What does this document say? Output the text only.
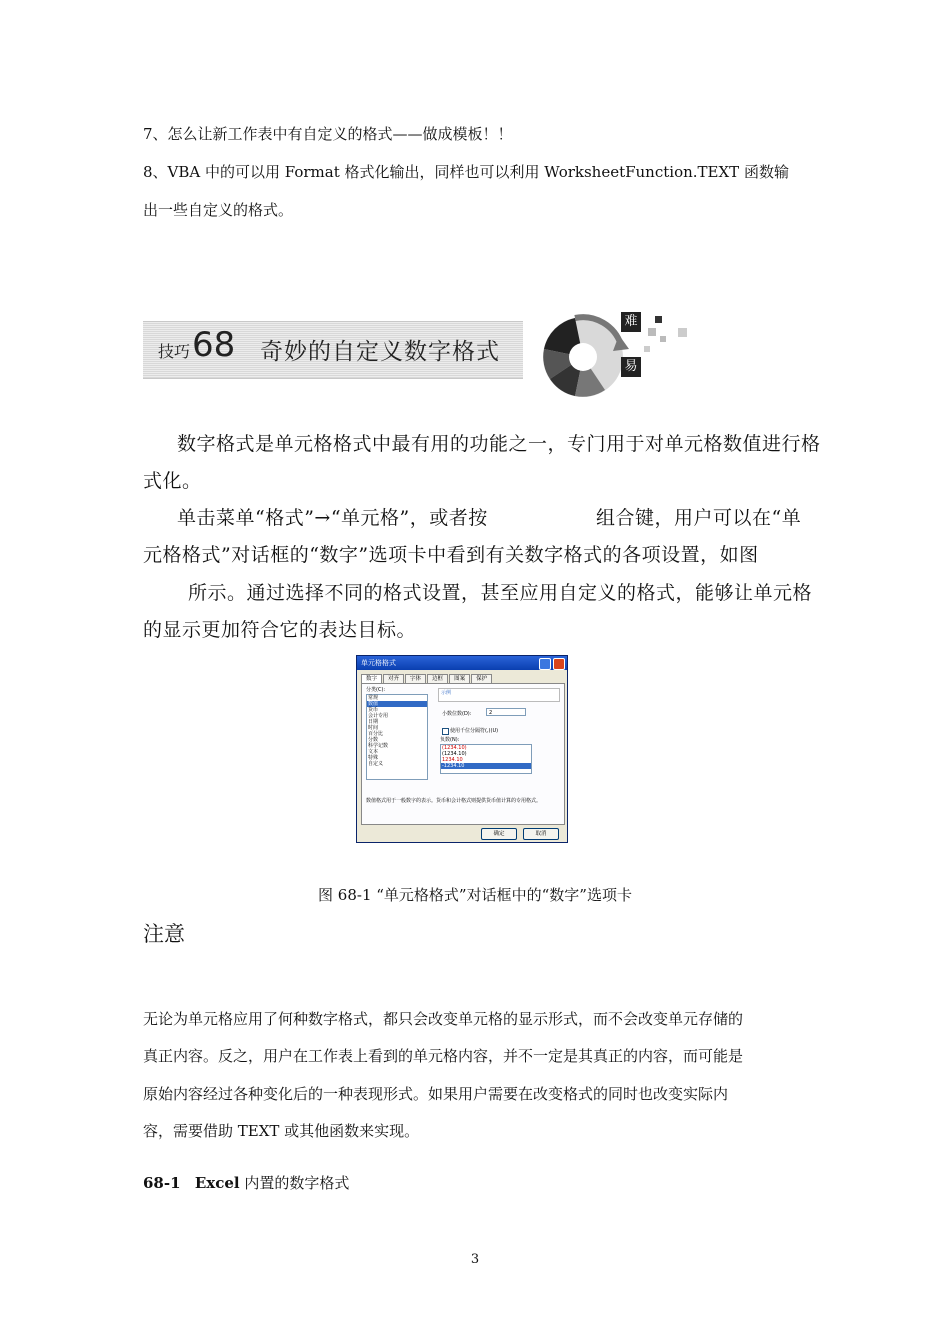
7、怎么让新工作表中有自定义的格式——做成模板！！
8、VBA 中的可以用 Format 格式化输出，同样也可以利用 WorksheetFunction.TEXT 函数输
出一些自定义的格式。
技巧 68 奇妙的自定义数字格式
难
易
数字格式是单元格格式中最有用的功能之一，专门用于对单元格数值进行格
式化。
单击菜单“格式”→“单元格”，或者按	组合键，用户可以在“单
元格格式”对话框的“数字”选项卡中看到有关数字格式的各项设置，如图
所示。通过选择不同的格式设置，甚至应用自定义的格式，能够让单元格
的显示更加符合它的表达目标。
单元格格式
数字	对齐	字体	边框	图案	保护
分类(C):
常规
数值
货币
会计专用
日期
时间
百分比
分数
科学记数
文本
特殊
自定义
示例
小数位数(D):	2
使用千位分隔符(,)(U)
负数(N):
(1234.10)
(1234.10)
1234.10
-1234.10
数值格式用于一般数字的表示。货币和会计格式则提供货币值计算的专用格式。
确定	取消
图 68-1 “单元格格式”对话框中的“数字”选项卡
注意
无论为单元格应用了何种数字格式，都只会改变单元格的显示形式，而不会改变单元存储的
真正内容。反之，用户在工作表上看到的单元格内容，并不一定是其真正的内容，而可能是
原始内容经过各种变化后的一种表现形式。如果用户需要在改变格式的同时也改变实际内
容，需要借助 TEXT 或其他函数来实现。
68-1 Excel 内置的数字格式
3
